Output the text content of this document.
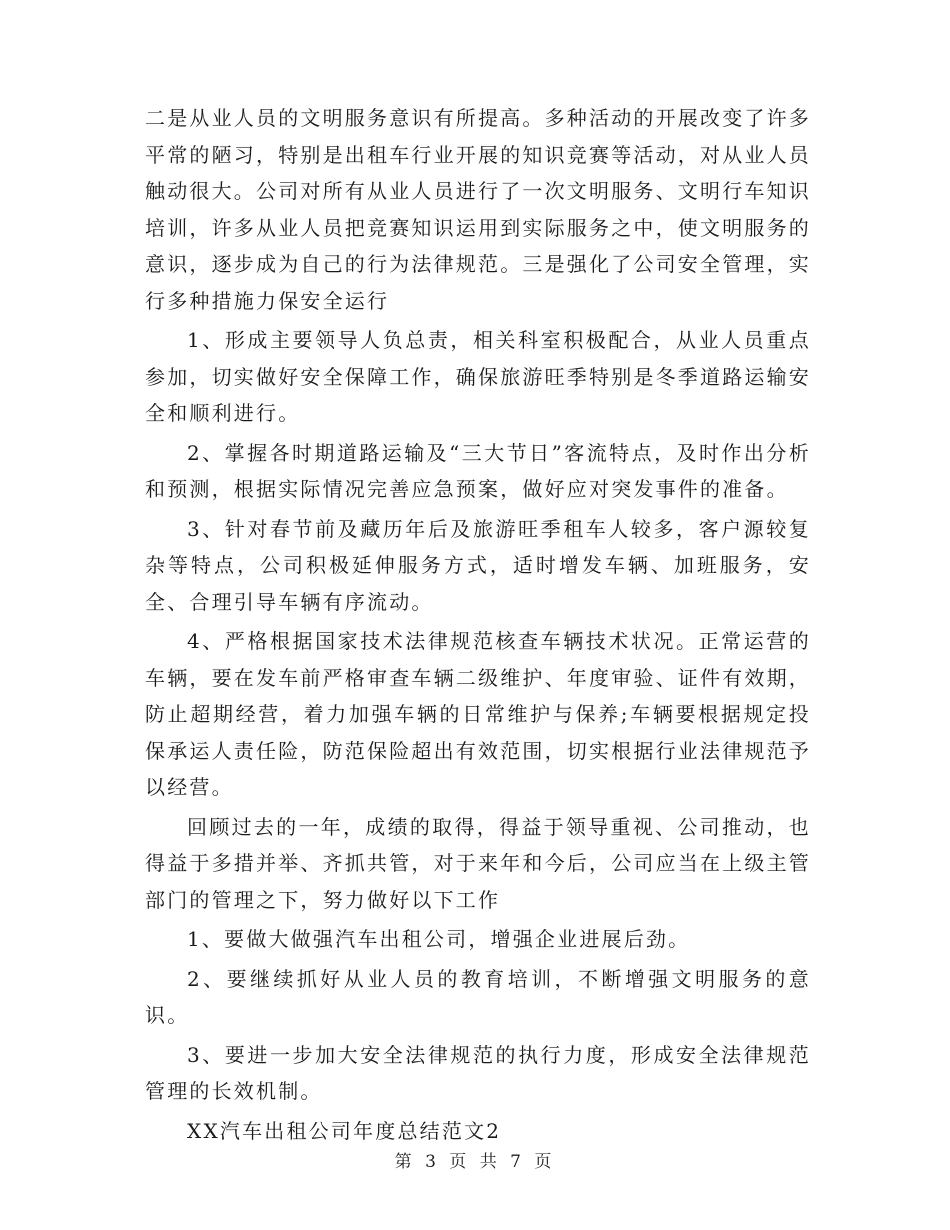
二是从业人员的文明服务意识有所提高。多种活动的开展改变了许多平常的陋习，特别是出租车行业开展的知识竞赛等活动，对从业人员触动很大。公司对所有从业人员进行了一次文明服务、文明行车知识培训，许多从业人员把竞赛知识运用到实际服务之中，使文明服务的意识，逐步成为自己的行为法律规范。三是强化了公司安全管理，实行多种措施力保安全运行

1、形成主要领导人负总责，相关科室积极配合，从业人员重点参加，切实做好安全保障工作，确保旅游旺季特别是冬季道路运输安全和顺利进行。

2、掌握各时期道路运输及“三大节日”客流特点，及时作出分析和预测，根据实际情况完善应急预案，做好应对突发事件的准备。

3、针对春节前及藏历年后及旅游旺季租车人较多，客户源较复杂等特点，公司积极延伸服务方式，适时增发车辆、加班服务，安全、合理引导车辆有序流动。

4、严格根据国家技术法律规范核查车辆技术状况。正常运营的车辆，要在发车前严格审查车辆二级维护、年度审验、证件有效期，防止超期经营，着力加强车辆的日常维护与保养;车辆要根据规定投保承运人责任险，防范保险超出有效范围，切实根据行业法律规范予以经营。

回顾过去的一年，成绩的取得，得益于领导重视、公司推动，也得益于多措并举、齐抓共管，对于来年和今后，公司应当在上级主管部门的管理之下，努力做好以下工作

1、要做大做强汽车出租公司，增强企业进展后劲。

2、要继续抓好从业人员的教育培训，不断增强文明服务的意识。

3、要进一步加大安全法律规范的执行力度，形成安全法律规范管理的长效机制。

XX汽车出租公司年度总结范文2

第 3 页 共 7 页
